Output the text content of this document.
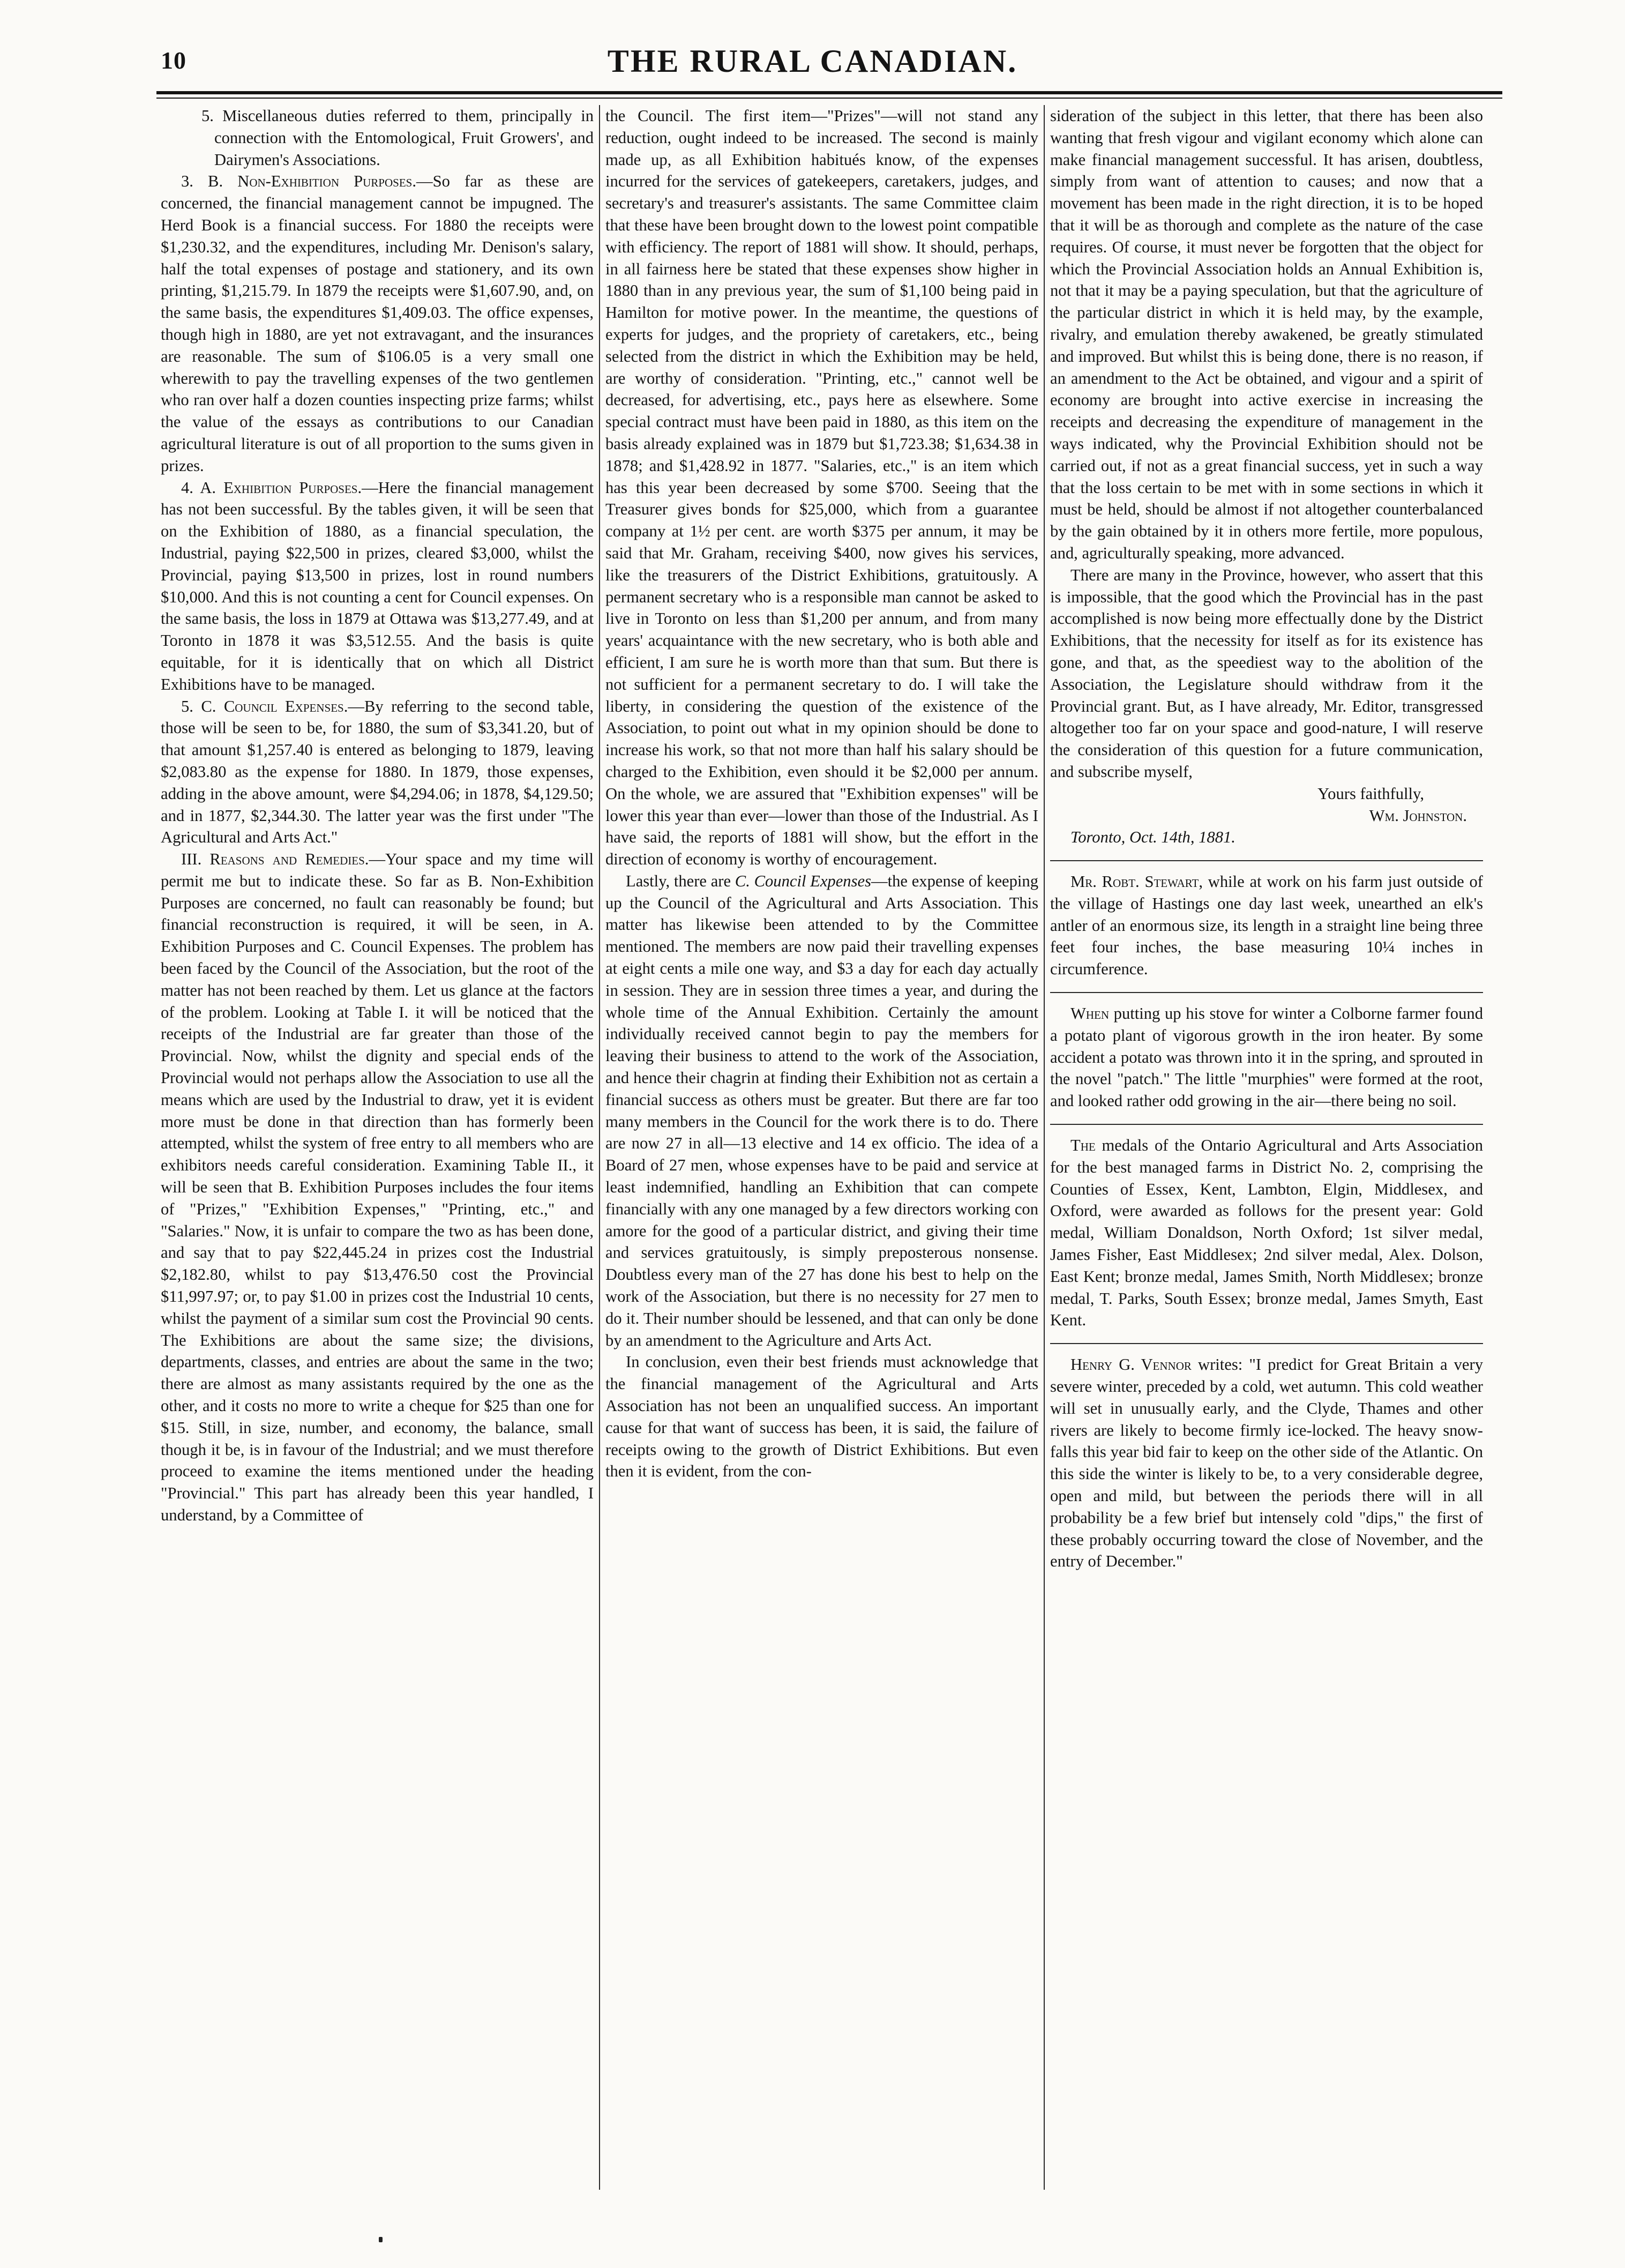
10	THE RURAL CANADIAN.

5. Miscellaneous duties referred to them, principally in connection with the Entomological, Fruit Growers', and Dairymen's Associations.

3. B. Non-Exhibition Purposes.—So far as these are concerned, the financial management cannot be impugned. The Herd Book is a financial success. For 1880 the receipts were $1,230.32, and the expenditures, including Mr. Denison's salary, half the total expenses of postage and stationery, and its own printing, $1,215.79. In 1879 the receipts were $1,607.90, and, on the same basis, the expenditures $1,409.03. The office expenses, though high in 1880, are yet not extravagant, and the insurances are reasonable. The sum of $106.05 is a very small one wherewith to pay the travelling expenses of the two gentlemen who ran over half a dozen counties inspecting prize farms; whilst the value of the essays as contributions to our Canadian agricultural literature is out of all proportion to the sums given in prizes.

4. A. Exhibition Purposes.—Here the financial management has not been successful. By the tables given, it will be seen that on the Exhibition of 1880, as a financial speculation, the Industrial, paying $22,500 in prizes, cleared $3,000, whilst the Provincial, paying $13,500 in prizes, lost in round numbers $10,000. And this is not counting a cent for Council expenses. On the same basis, the loss in 1879 at Ottawa was $13,277.49, and at Toronto in 1878 it was $3,512.55. And the basis is quite equitable, for it is identically that on which all District Exhibitions have to be managed.

5. C. Council Expenses.—By referring to the second table, those will be seen to be, for 1880, the sum of $3,341.20, but of that amount $1,257.40 is entered as belonging to 1879, leaving $2,083.80 as the expense for 1880. In 1879, those expenses, adding in the above amount, were $4,294.06; in 1878, $4,129.50; and in 1877, $2,344.30. The latter year was the first under "The Agricultural and Arts Act."

III. Reasons and Remedies.—Your space and my time will permit me but to indicate these. So far as B. Non-Exhibition Purposes are concerned, no fault can reasonably be found; but financial reconstruction is required, it will be seen, in A. Exhibition Purposes and C. Council Expenses. The problem has been faced by the Council of the Association, but the root of the matter has not been reached by them. Let us glance at the factors of the problem. Looking at Table I. it will be noticed that the receipts of the Industrial are far greater than those of the Provincial. Now, whilst the dignity and special ends of the Provincial would not perhaps allow the Association to use all the means which are used by the Industrial to draw, yet it is evident more must be done in that direction than has formerly been attempted, whilst the system of free entry to all members who are exhibitors needs careful consideration. Examining Table II., it will be seen that B. Exhibition Purposes includes the four items of "Prizes," "Exhibition Expenses," "Printing, etc.," and "Salaries." Now, it is unfair to compare the two as has been done, and say that to pay $22,445.24 in prizes cost the Industrial $2,182.80, whilst to pay $13,476.50 cost the Provincial $11,997.97; or, to pay $1.00 in prizes cost the Industrial 10 cents, whilst the payment of a similar sum cost the Provincial 90 cents. The Exhibitions are about the same size; the divisions, departments, classes, and entries are about the same in the two; there are almost as many assistants required by the one as the other, and it costs no more to write a cheque for $25 than one for $15. Still, in size, number, and economy, the balance, small though it be, is in favour of the Industrial; and we must therefore proceed to examine the items mentioned under the heading "Provincial." This part has already been this year handled, I understand, by a Committee of

the Council. The first item—"Prizes"—will not stand any reduction, ought indeed to be increased. The second is mainly made up, as all Exhibition habitués know, of the expenses incurred for the services of gatekeepers, caretakers, judges, and secretary's and treasurer's assistants. The same Committee claim that these have been brought down to the lowest point compatible with efficiency. The report of 1881 will show. It should, perhaps, in all fairness here be stated that these expenses show higher in 1880 than in any previous year, the sum of $1,100 being paid in Hamilton for motive power. In the meantime, the questions of experts for judges, and the propriety of caretakers, etc., being selected from the district in which the Exhibition may be held, are worthy of consideration. "Printing, etc.," cannot well be decreased, for advertising, etc., pays here as elsewhere. Some special contract must have been paid in 1880, as this item on the basis already explained was in 1879 but $1,723.38; $1,634.38 in 1878; and $1,428.92 in 1877. "Salaries, etc.," is an item which has this year been decreased by some $700. Seeing that the Treasurer gives bonds for $25,000, which from a guarantee company at 1½ per cent. are worth $375 per annum, it may be said that Mr. Graham, receiving $400, now gives his services, like the treasurers of the District Exhibitions, gratuitously. A permanent secretary who is a responsible man cannot be asked to live in Toronto on less than $1,200 per annum, and from many years' acquaintance with the new secretary, who is both able and efficient, I am sure he is worth more than that sum. But there is not sufficient for a permanent secretary to do. I will take the liberty, in considering the question of the existence of the Association, to point out what in my opinion should be done to increase his work, so that not more than half his salary should be charged to the Exhibition, even should it be $2,000 per annum. On the whole, we are assured that "Exhibition expenses" will be lower this year than ever—lower than those of the Industrial. As I have said, the reports of 1881 will show, but the effort in the direction of economy is worthy of encouragement.

Lastly, there are C. Council Expenses—the expense of keeping up the Council of the Agricultural and Arts Association. This matter has likewise been attended to by the Committee mentioned. The members are now paid their travelling expenses at eight cents a mile one way, and $3 a day for each day actually in session. They are in session three times a year, and during the whole time of the Annual Exhibition. Certainly the amount individually received cannot begin to pay the members for leaving their business to attend to the work of the Association, and hence their chagrin at finding their Exhibition not as certain a financial success as others must be greater. But there are far too many members in the Council for the work there is to do. There are now 27 in all—13 elective and 14 ex officio. The idea of a Board of 27 men, whose expenses have to be paid and service at least indemnified, handling an Exhibition that can compete financially with any one managed by a few directors working con amore for the good of a particular district, and giving their time and services gratuitously, is simply preposterous nonsense. Doubtless every man of the 27 has done his best to help on the work of the Association, but there is no necessity for 27 men to do it. Their number should be lessened, and that can only be done by an amendment to the Agriculture and Arts Act.

In conclusion, even their best friends must acknowledge that the financial management of the Agricultural and Arts Association has not been an unqualified success. An important cause for that want of success has been, it is said, the failure of receipts owing to the growth of District Exhibitions. But even then it is evident, from the con-

sideration of the subject in this letter, that there has been also wanting that fresh vigour and vigilant economy which alone can make financial management successful. It has arisen, doubtless, simply from want of attention to causes; and now that a movement has been made in the right direction, it is to be hoped that it will be as thorough and complete as the nature of the case requires. Of course, it must never be forgotten that the object for which the Provincial Association holds an Annual Exhibition is, not that it may be a paying speculation, but that the agriculture of the particular district in which it is held may, by the example, rivalry, and emulation thereby awakened, be greatly stimulated and improved. But whilst this is being done, there is no reason, if an amendment to the Act be obtained, and vigour and a spirit of economy are brought into active exercise in increasing the receipts and decreasing the expenditure of management in the ways indicated, why the Provincial Exhibition should not be carried out, if not as a great financial success, yet in such a way that the loss certain to be met with in some sections in which it must be held, should be almost if not altogether counterbalanced by the gain obtained by it in others more fertile, more populous, and, agriculturally speaking, more advanced.

There are many in the Province, however, who assert that this is impossible, that the good which the Provincial has in the past accomplished is now being more effectually done by the District Exhibitions, that the necessity for itself as for its existence has gone, and that, as the speediest way to the abolition of the Association, the Legislature should withdraw from it the Provincial grant. But, as I have already, Mr. Editor, transgressed altogether too far on your space and good-nature, I will reserve the consideration of this question for a future communication, and subscribe myself,

Yours faithfully,

Wm. Johnston.

Toronto, Oct. 14th, 1881.

Mr. Robt. Stewart, while at work on his farm just outside of the village of Hastings one day last week, unearthed an elk's antler of an enormous size, its length in a straight line being three feet four inches, the base measuring 10¼ inches in circumference.

When putting up his stove for winter a Colborne farmer found a potato plant of vigorous growth in the iron heater. By some accident a potato was thrown into it in the spring, and sprouted in the novel "patch." The little "murphies" were formed at the root, and looked rather odd growing in the air—there being no soil.

The medals of the Ontario Agricultural and Arts Association for the best managed farms in District No. 2, comprising the Counties of Essex, Kent, Lambton, Elgin, Middlesex, and Oxford, were awarded as follows for the present year: Gold medal, William Donaldson, North Oxford; 1st silver medal, James Fisher, East Middlesex; 2nd silver medal, Alex. Dolson, East Kent; bronze medal, James Smith, North Middlesex; bronze medal, T. Parks, South Essex; bronze medal, James Smyth, East Kent.

Henry G. Vennor writes: "I predict for Great Britain a very severe winter, preceded by a cold, wet autumn. This cold weather will set in unusually early, and the Clyde, Thames and other rivers are likely to become firmly ice-locked. The heavy snow-falls this year bid fair to keep on the other side of the Atlantic. On this side the winter is likely to be, to a very considerable degree, open and mild, but between the periods there will in all probability be a few brief but intensely cold "dips," the first of these probably occurring toward the close of November, and the entry of December."
